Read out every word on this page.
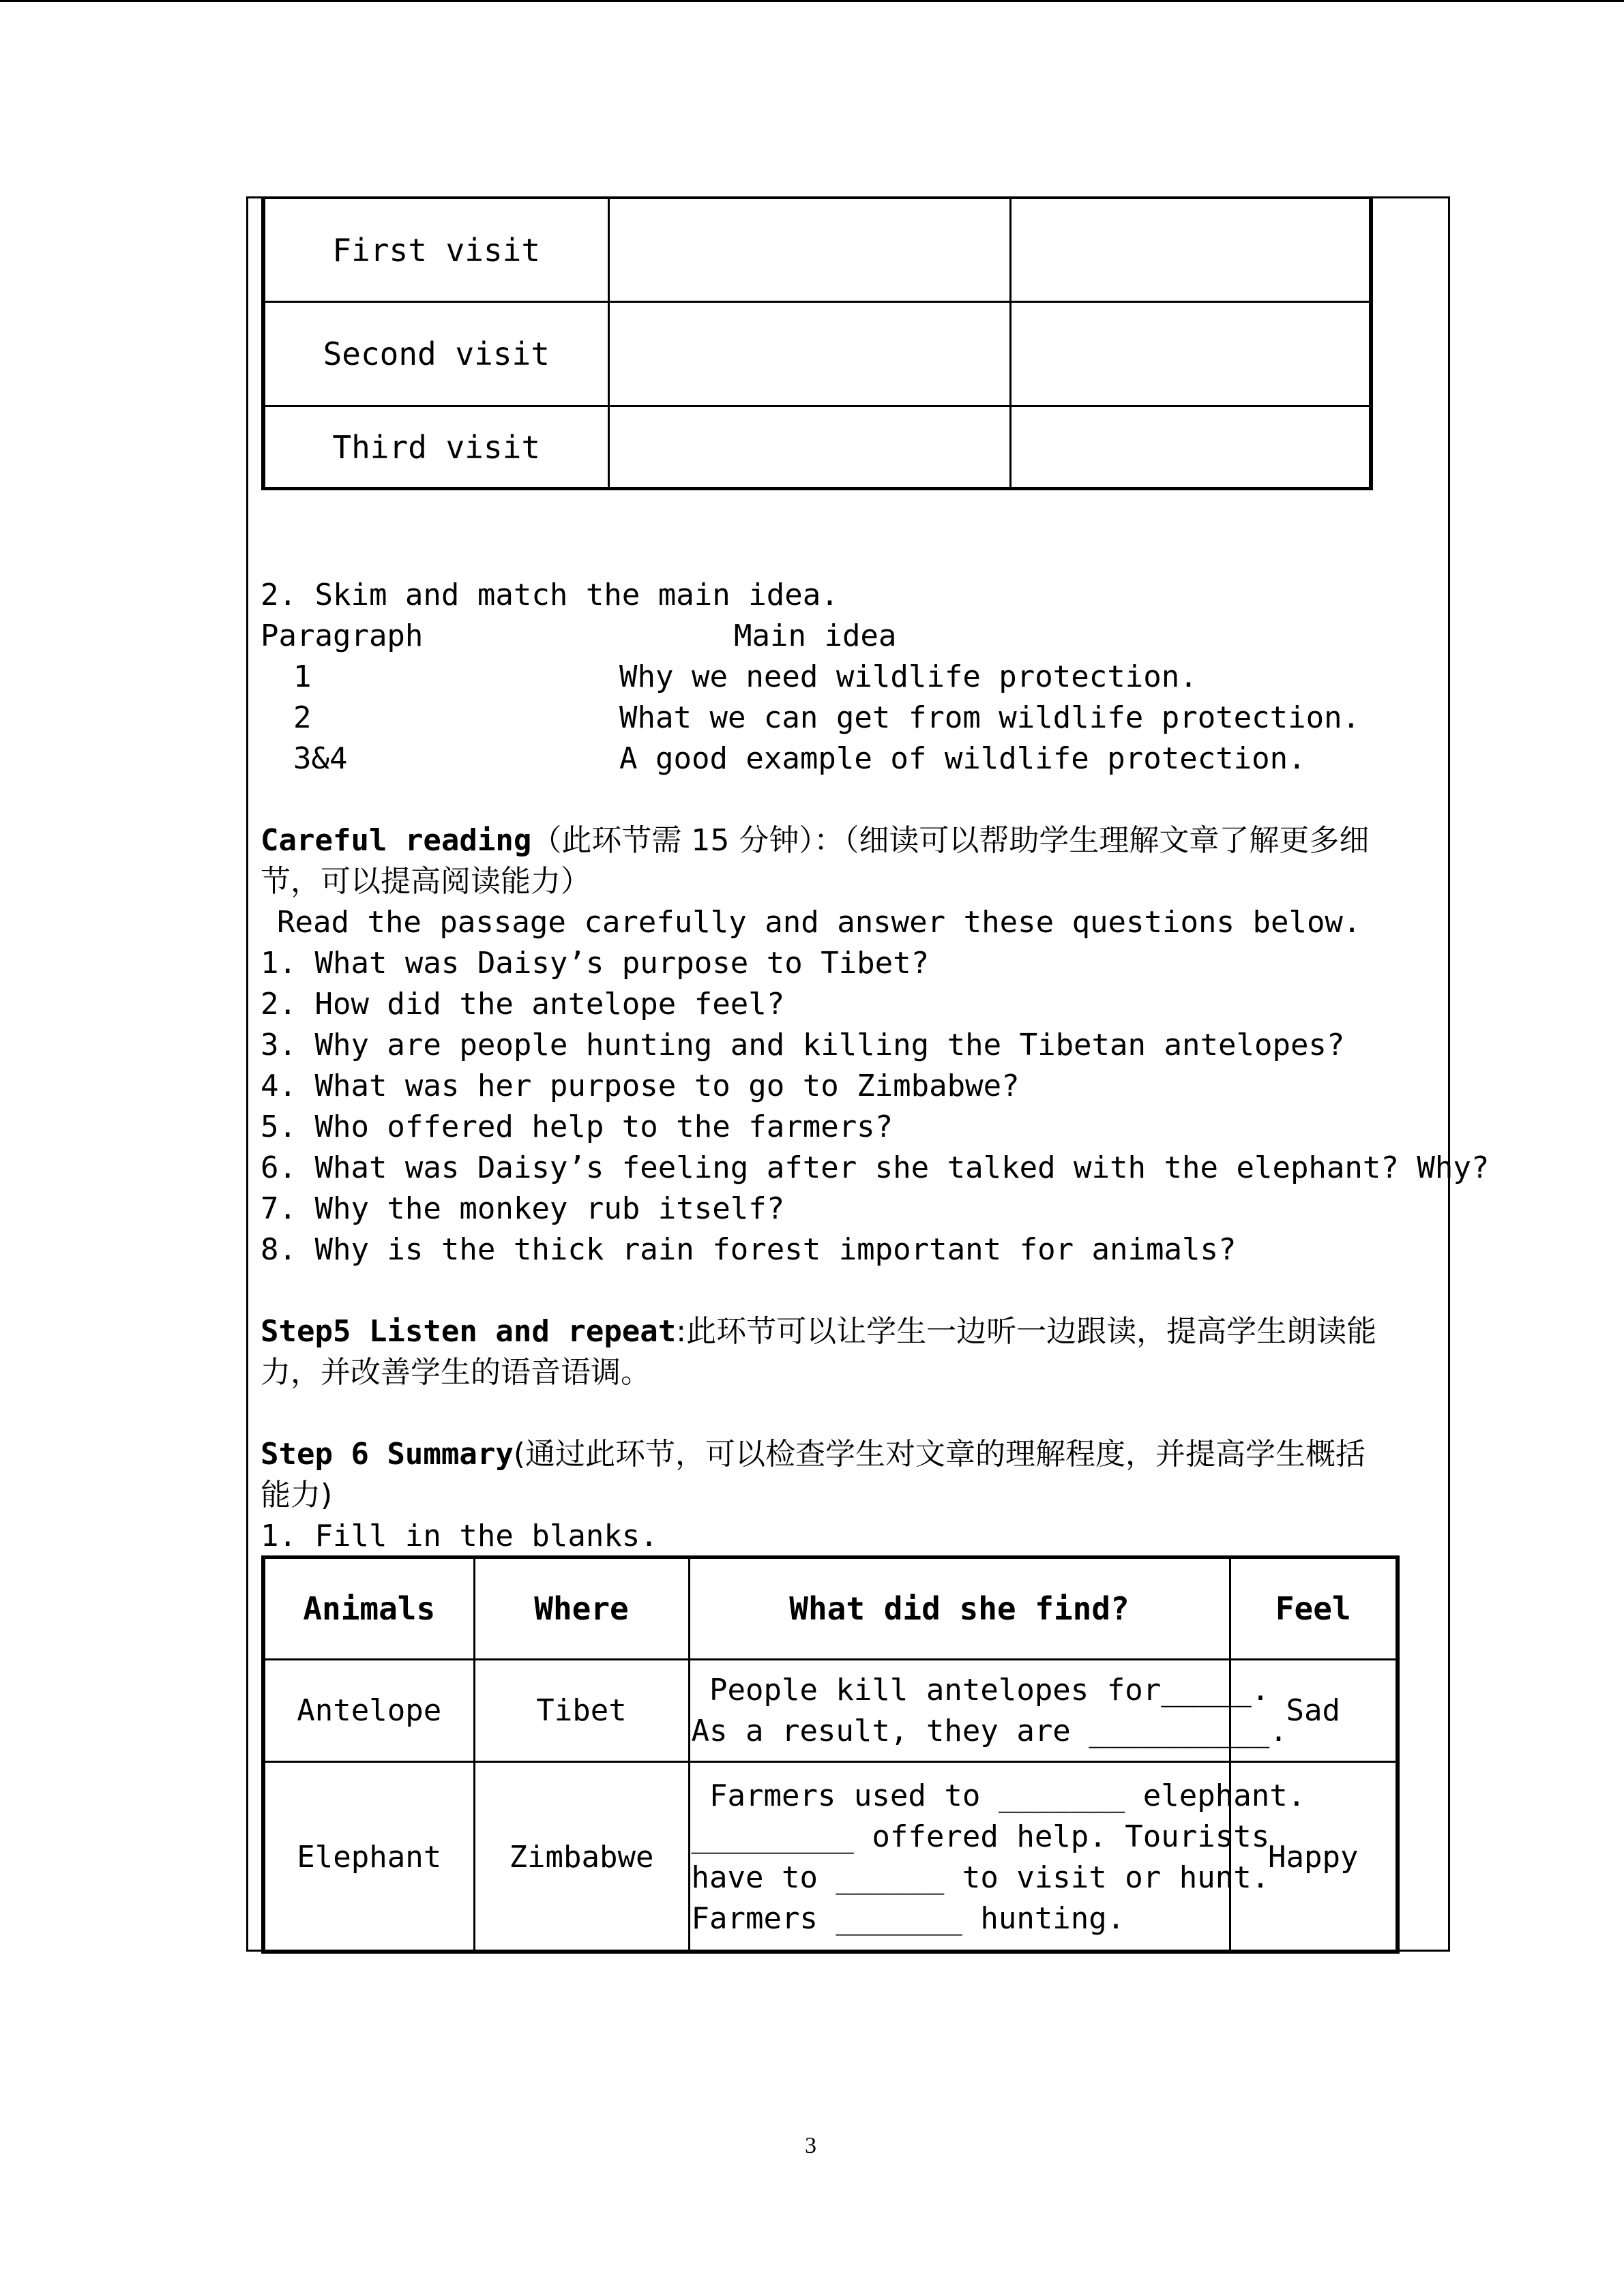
First visit		
Second visit		
Third visit		
2. Skim and match the main idea.
Paragraph	Main idea
1	Why we need wildlife protection.
2	What we can get from wildlife protection.
3&4	A good example of wildlife protection.
Careful reading（此环节需 15 分钟）：（细读可以帮助学生理解文章了解更多细
节，可以提高阅读能力）
Read the passage carefully and answer these questions below.
1. What was Daisy’s purpose to Tibet?
2. How did the antelope feel?
3. Why are people hunting and killing the Tibetan antelopes?
4. What was her purpose to go to Zimbabwe?
5. Who offered help to the farmers?
6. What was Daisy’s feeling after she talked with the elephant? Why?
7. Why the monkey rub itself?
8. Why is the thick rain forest important for animals?
Step5 Listen and repeat:此环节可以让学生一边听一边跟读，提高学生朗读能
力，并改善学生的语音语调。
Step 6 Summary(通过此环节，可以检查学生对文章的理解程度，并提高学生概括
能力)
1. Fill in the blanks.
Animals	Where	What did she find?	Feel
Antelope	Tibet	People kill antelopes for_____.
As a result, they are __________.	Sad
Elephant	Zimbabwe	Farmers used to _______ elephant.
_________ offered help. Tourists
have to ______ to visit or hunt.
Farmers _______ hunting.	Happy
3
